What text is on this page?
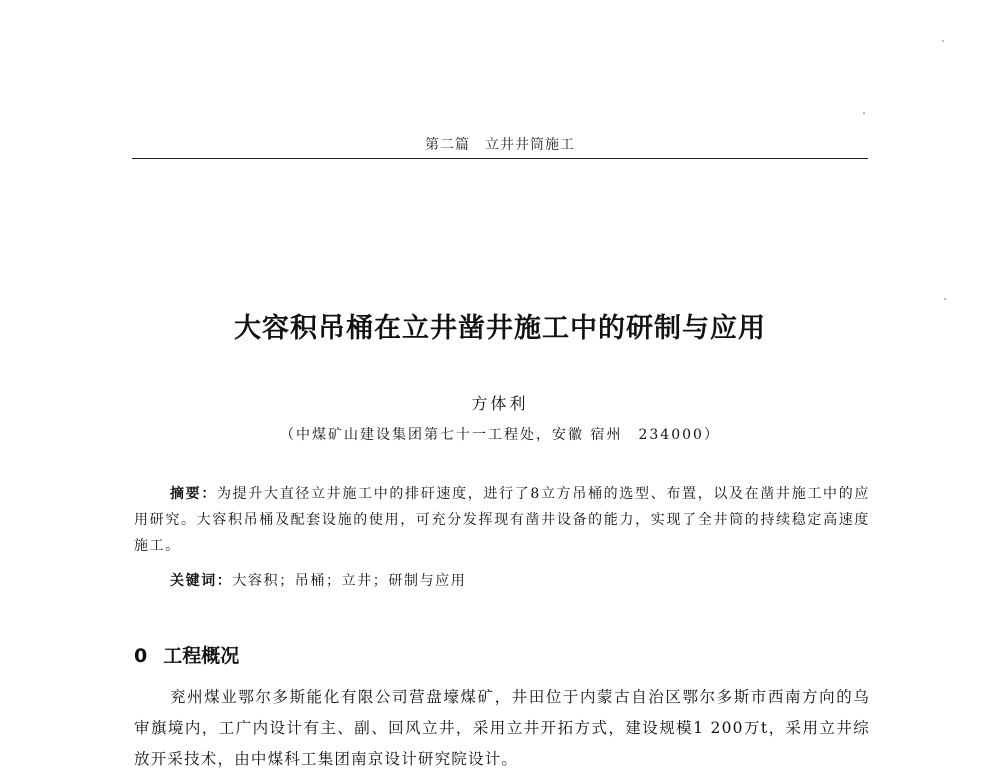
第二篇　立井井筒施工
大容积吊桶在立井凿井施工中的研制与应用
方体利
（中煤矿山建设集团第七十一工程处，安徽 宿州　234000）

摘要：为提升大直径立井施工中的排矸速度，进行了8立方吊桶的选型、布置，以及在凿井施工中的应用研究。大容积吊桶及配套设施的使用，可充分发挥现有凿井设备的能力，实现了全井筒的持续稳定高速度施工。

关键词：大容积；吊桶；立井；研制与应用

0 工程概况

兖州煤业鄂尔多斯能化有限公司营盘壕煤矿，井田位于内蒙古自治区鄂尔多斯市西南方向的乌审旗境内，工广内设计有主、副、回风立井，采用立井开拓方式，建设规模1 200万t，采用立井综放开采技术，由中煤科工集团南京设计研究院设计。
